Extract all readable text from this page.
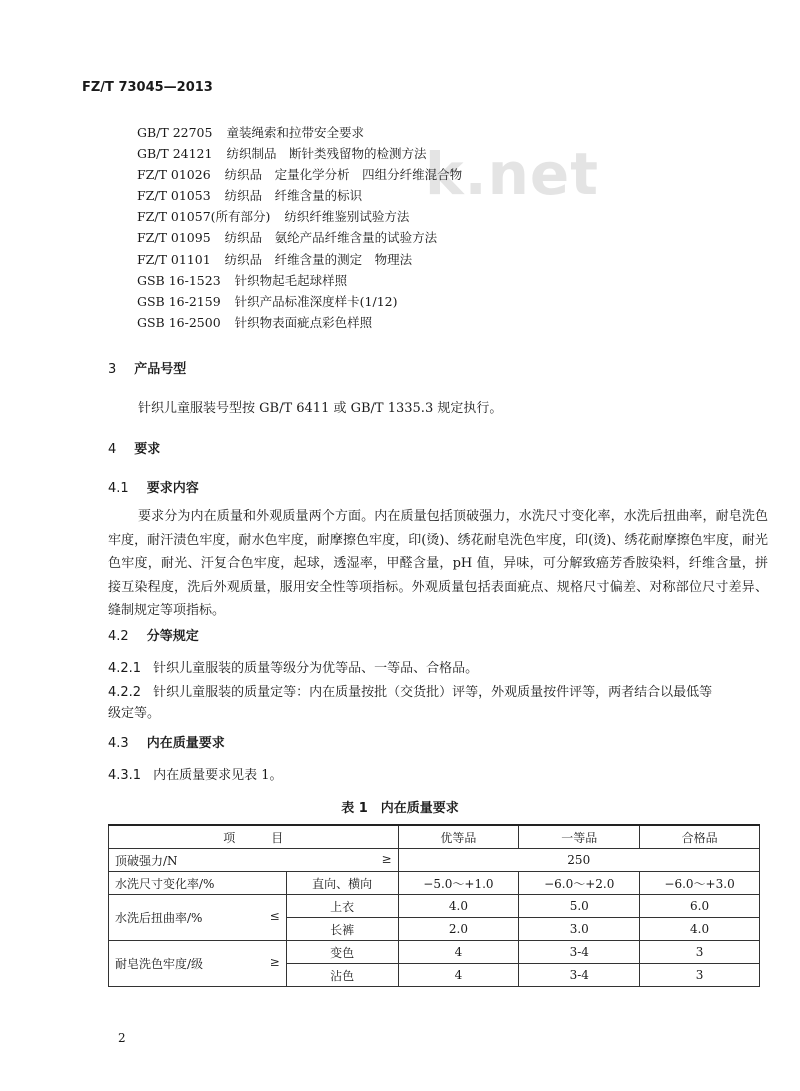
k.net
FZ/T 73045—2013
GB/T 22705 童装绳索和拉带安全要求
GB/T 24121 纺织制品　断针类残留物的检测方法
FZ/T 01026 纺织品　定量化学分析　四组分纤维混合物
FZ/T 01053 纺织品　纤维含量的标识
FZ/T 01057(所有部分) 纺织纤维鉴别试验方法
FZ/T 01095 纺织品　氨纶产品纤维含量的试验方法
FZ/T 01101 纺织品　纤维含量的测定　物理法
GSB 16-1523 针织物起毛起球样照
GSB 16-2159 针织产品标准深度样卡(1/12)
GSB 16-2500 针织物表面疵点彩色样照
3 产品号型
针织儿童服装号型按 GB/T 6411 或 GB/T 1335.3 规定执行。
4 要求
4.1 要求内容
要求分为内在质量和外观质量两个方面。内在质量包括顶破强力，水洗尺寸变化率，水洗后扭曲率，耐皂洗色牢度，耐汗渍色牢度，耐水色牢度，耐摩擦色牢度，印(烫)、绣花耐皂洗色牢度，印(烫)、绣花耐摩擦色牢度，耐光色牢度，耐光、汗复合色牢度，起球，透湿率，甲醛含量，pH 值，异味，可分解致癌芳香胺染料，纤维含量，拼接互染程度，洗后外观质量，服用安全性等项指标。外观质量包括表面疵点、规格尺寸偏差、对称部位尺寸差异、缝制规定等项指标。
4.2 分等规定
4.2.1 针织儿童服装的质量等级分为优等品、一等品、合格品。
4.2.2 针织儿童服装的质量定等：内在质量按批（交货批）评等，外观质量按件评等，两者结合以最低等
级定等。
4.3 内在质量要求
4.3.1 内在质量要求见表 1。
表 1　内在质量要求
项　　　目		优等品	一等品	合格品
顶破强力/N ≥		250		
水洗尺寸变化率/%	直向、横向	−5.0～+1.0	−6.0～+2.0	−6.0～+3.0
水洗后扭曲率/% ≤	上衣	4.0	5.0	6.0
	长裤	2.0	3.0	4.0
耐皂洗色牢度/级 ≥	变色	4	3-4	3
	沾色	4	3-4	3
2
